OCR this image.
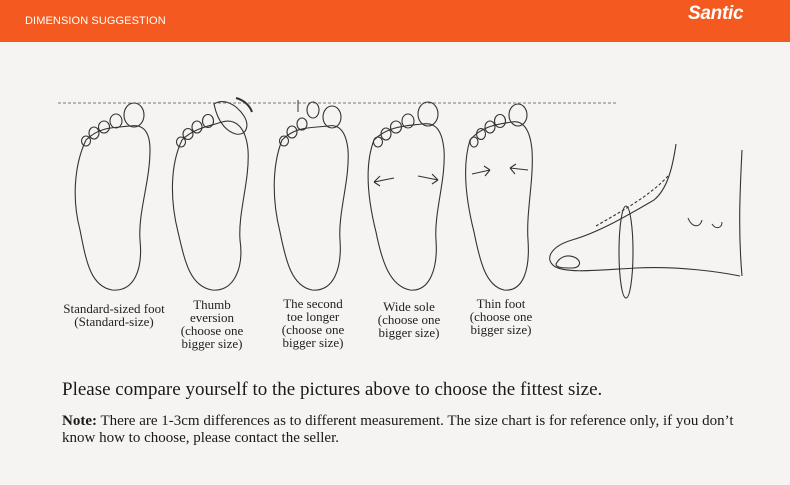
DIMENSION SUGGESTION	Santic
Standard-sized foot
(Standard-size)
Thumb
eversion
(choose one
bigger size)
The second
toe longer
(choose one
bigger size)
Wide sole
(choose one
bigger size)
Thin foot
(choose one
bigger size)
Please compare yourself to the pictures above to choose the fittest size.
Note: There are 1-3cm differences as to different measurement. The size chart is for reference only, if you don’t know how to choose, please contact the seller.
